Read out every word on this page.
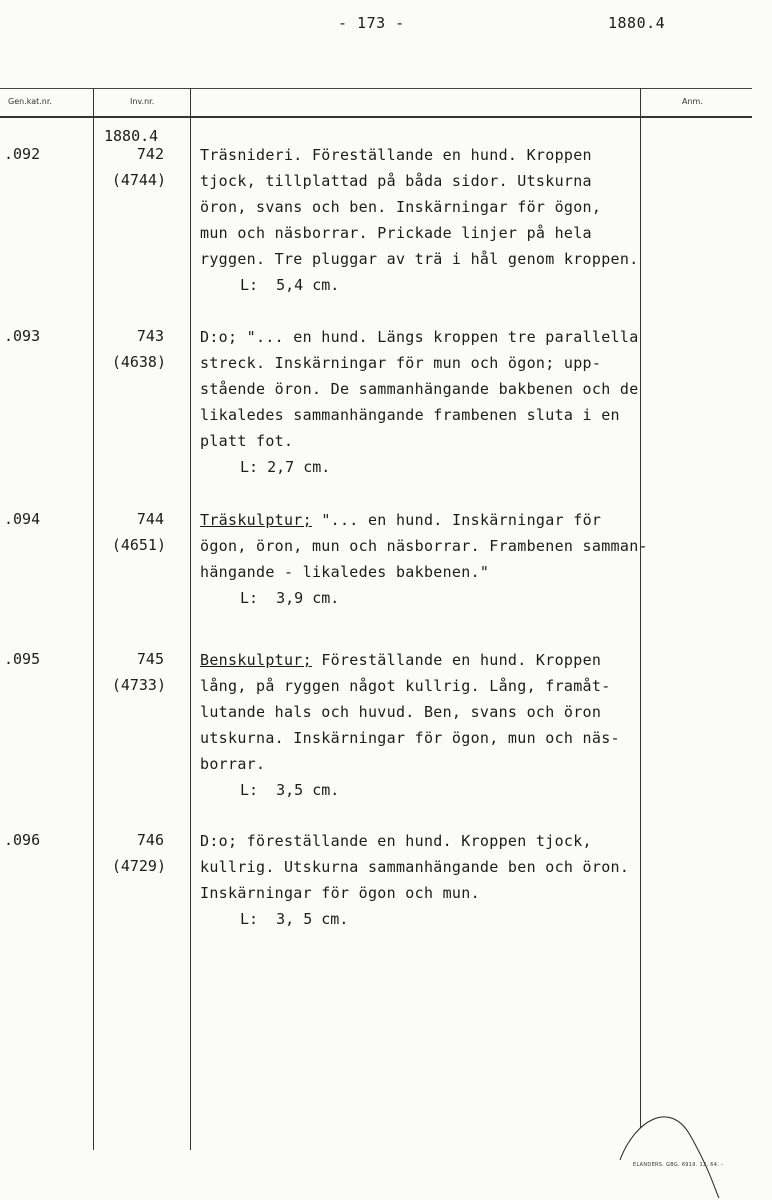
- 173 -	1880.4
Gen.kat.nr.	Inv.nr.	Anm.
1880.4
.092	742
(4744)
Träsnideri. Föreställande en hund. Kroppen
tjock, tillplattad på båda sidor. Utskurna
öron, svans och ben. Inskärningar för ögon,
mun och näsborrar. Prickade linjer på hela
ryggen. Tre pluggar av trä i hål genom kroppen.
L:  5,4 cm.
.093	743
(4638)
D:o; "... en hund. Längs kroppen tre parallella
streck. Inskärningar för mun och ögon; upp-
stående öron. De sammanhängande bakbenen och de
likaledes sammanhängande frambenen sluta i en
platt fot.
L: 2,7 cm.
.094	744
(4651)
Träskulptur; "... en hund. Inskärningar för
ögon, öron, mun och näsborrar. Frambenen samman-
hängande - likaledes bakbenen."
L:  3,9 cm.
.095	745
(4733)
Benskulptur; Föreställande en hund. Kroppen
lång, på ryggen något kullrig. Lång, framåt-
lutande hals och huvud. Ben, svans och öron
utskurna. Inskärningar för ögon, mun och näs-
borrar.
L:  3,5 cm.
.096	746
(4729)
D:o; föreställande en hund. Kroppen tjock,
kullrig. Utskurna sammanhängande ben och öron.
Inskärningar för ögon och mun.
L:  3, 5 cm.
ELANDERS. GBG. 6919. 12. 64. -
